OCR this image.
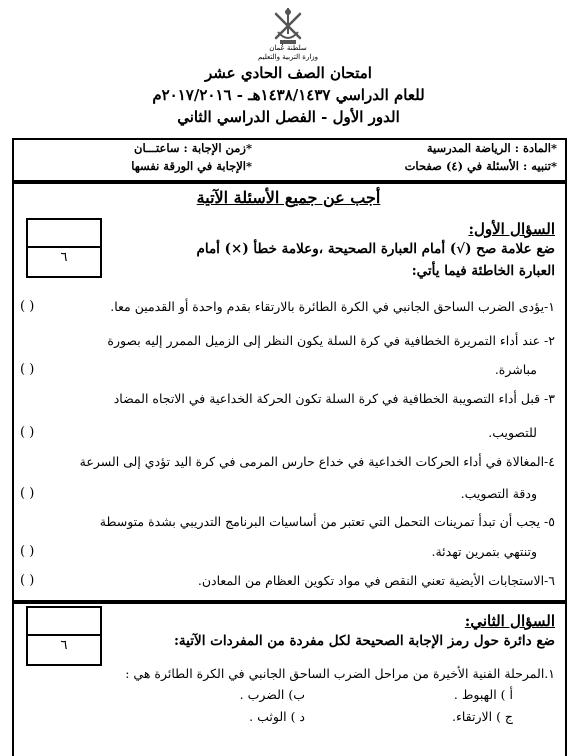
سلطنة عُمان
وزارة التربية والتعليم
امتحان الصف الحادي عشر
للعام الدراسي ١٤٣٨/١٤٣٧هـ - ٢٠١٧/٢٠١٦م
الدور الأول - الفصل الدراسي الثاني
*المادة : الرياضة المدرسية
*زمن الإجابة : ساعتـــان
*تنبيه : الأسئلة في (٤) صفحات
*الإجابة في الورقة نفسها
أجب عن جميع الأسئلة الآتية
٦
السؤال الأول:
ضع علامة صح (√) أمام العبارة الصحيحة ،وعلامة خطأ (×) أمام
العبارة الخاطئة فيما يأتي:
١-يؤدى الضرب الساحق الجانبي في الكرة الطائرة بالارتقاء بقدم واحدة أو القدمين معا.
( )
٢- عند أداء التمريرة الخطافية في كرة السلة يكون النظر إلى الزميل الممرر إليه بصورة
مباشرة.
( )
٣- قبل أداء التصويبة الخطافية في كرة السلة تكون الحركة الخداعية في الاتجاه المضاد
للتصويب.
( )
٤-المغالاة في أداء الحركات الخداعية في خداع حارس المرمى في كرة اليد تؤدي إلى السرعة
ودقة التصويب.
( )
٥- يجب أن تبدأ تمرينات التحمل التي تعتبر من أساسيات البرنامج التدريبي بشدة متوسطة
وتنتهي بتمرين تهدئة.
( )
٦-الاستجابات الأيضية تعني النقص في مواد تكوين العظام من المعادن.
( )
٦
السؤال الثاني:
ضع دائرة حول رمز الإجابة الصحيحة لكل مفردة من المفردات الآتية:
١.المرحلة الفنية الأخيرة من مراحل الضرب الساحق الجانبي في الكرة الطائرة هي :
أ ) الهبوط .
ب) الضرب .
ج ) الارتقاء.
د ) الوثب .
